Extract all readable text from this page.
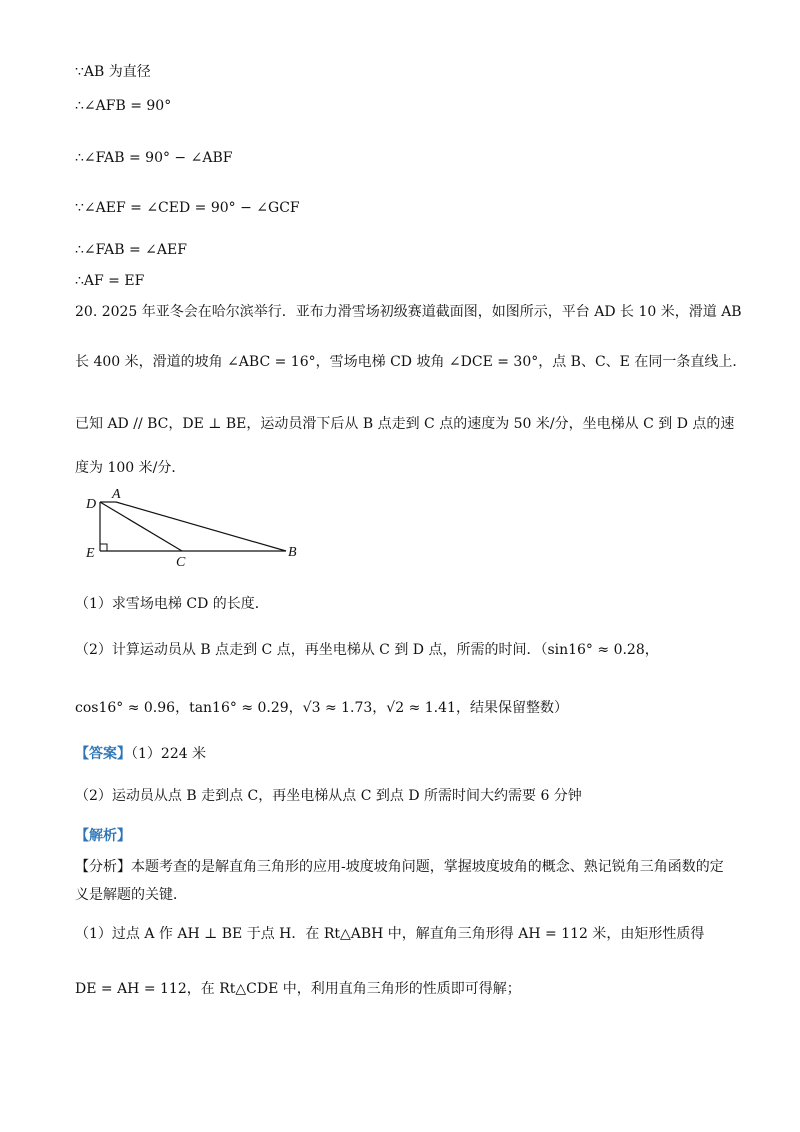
∵AB 为直径
∴∠AFB = 90°
∴∠FAB = 90° − ∠ABF
∵∠AEF = ∠CED = 90° − ∠GCF
∴∠FAB = ∠AEF
∴AF = EF
20. 2025 年亚冬会在哈尔滨举行．亚布力滑雪场初级赛道截面图，如图所示，平台 AD 长 10 米，滑道 AB
长 400 米，滑道的坡角 ∠ABC = 16°，雪场电梯 CD 坡角 ∠DCE = 30°，点 B、C、E 在同一条直线上．
已知 AD // BC，DE ⊥ BE，运动员滑下后从 B 点走到 C 点的速度为 50 米/分，坐电梯从 C 到 D 点的速
度为 100 米/分．
D
A
E
C
B
（1）求雪场电梯 CD 的长度．
（2）计算运动员从 B 点走到 C 点，再坐电梯从 C 到 D 点，所需的时间．（sin16° ≈ 0.28，
cos16° ≈ 0.96，tan16° ≈ 0.29，√3 ≈ 1.73，√2 ≈ 1.41，结果保留整数）
【答案】（1）224 米
（2）运动员从点 B 走到点 C，再坐电梯从点 C 到点 D 所需时间大约需要 6 分钟
【解析】
【分析】本题考查的是解直角三角形的应用-坡度坡角问题，掌握坡度坡角的概念、熟记锐角三角函数的定
义是解题的关键．
（1）过点 A 作 AH ⊥ BE 于点 H．在 Rt△ABH 中，解直角三角形得 AH = 112 米，由矩形性质得
DE = AH = 112，在 Rt△CDE 中，利用直角三角形的性质即可得解；
